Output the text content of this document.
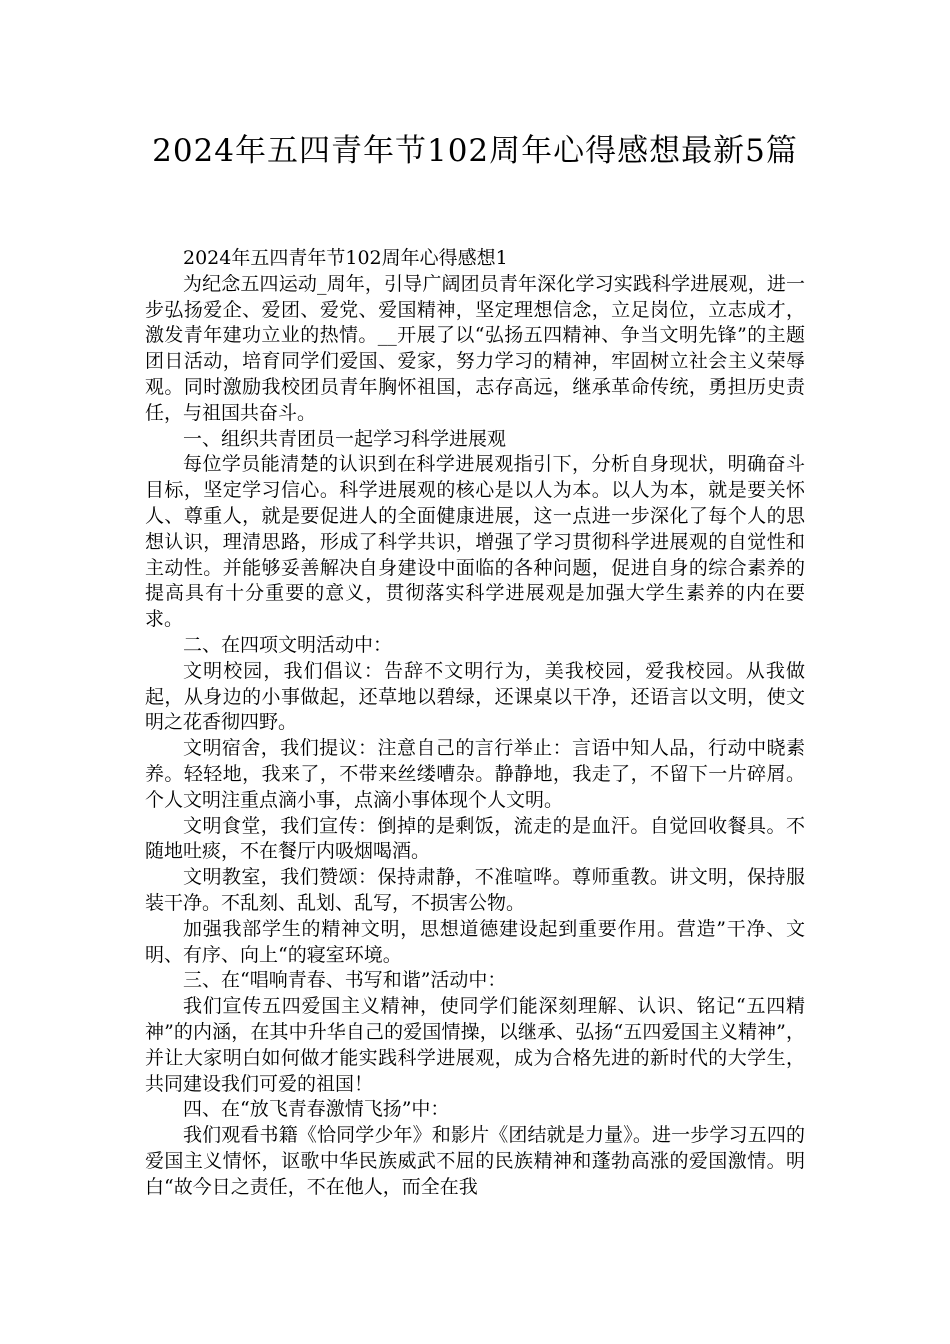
2024年五四青年节102周年心得感想最新5篇

2024年五四青年节102周年心得感想1

为纪念五四运动_周年，引导广阔团员青年深化学习实践科学进展观，进一步弘扬爱企、爱团、爱党、爱国精神，坚定理想信念，立足岗位，立志成才，激发青年建功立业的热情。__开展了以“弘扬五四精神、争当文明先锋”的主题团日活动，培育同学们爱国、爱家，努力学习的精神，牢固树立社会主义荣辱观。同时激励我校团员青年胸怀祖国，志存高远，继承革命传统，勇担历史责任，与祖国共奋斗。

一、组织共青团员一起学习科学进展观

每位学员能清楚的认识到在科学进展观指引下，分析自身现状，明确奋斗目标，坚定学习信心。科学进展观的核心是以人为本。以人为本，就是要关怀人、尊重人，就是要促进人的全面健康进展，这一点进一步深化了每个人的思想认识，理清思路，形成了科学共识，增强了学习贯彻科学进展观的自觉性和主动性。并能够妥善解决自身建设中面临的各种问题，促进自身的综合素养的提高具有十分重要的意义，贯彻落实科学进展观是加强大学生素养的内在要求。

二、在四项文明活动中：

文明校园，我们倡议：告辞不文明行为，美我校园，爱我校园。从我做起，从身边的小事做起，还草地以碧绿，还课桌以干净，还语言以文明，使文明之花香彻四野。

文明宿舍，我们提议：注意自己的言行举止：言语中知人品，行动中晓素养。轻轻地，我来了，不带来丝缕嘈杂。静静地，我走了，不留下一片碎屑。个人文明注重点滴小事，点滴小事体现个人文明。

文明食堂，我们宣传：倒掉的是剩饭，流走的是血汗。自觉回收餐具。不随地吐痰，不在餐厅内吸烟喝酒。

文明教室，我们赞颂：保持肃静，不准喧哗。尊师重教。讲文明，保持服装干净。不乱刻、乱划、乱写，不损害公物。

加强我部学生的精神文明，思想道德建设起到重要作用。营造”干净、文明、有序、向上“的寝室环境。

三、在“唱响青春、书写和谐”活动中：

我们宣传五四爱国主义精神，使同学们能深刻理解、认识、铭记“五四精神”的内涵，在其中升华自己的爱国情操，以继承、弘扬“五四爱国主义精神”，并让大家明白如何做才能实践科学进展观，成为合格先进的新时代的大学生，共同建设我们可爱的祖国！

四、在“放飞青春激情飞扬”中：

我们观看书籍《恰同学少年》和影片《团结就是力量》。进一步学习五四的爱国主义情怀，讴歌中华民族威武不屈的民族精神和蓬勃高涨的爱国激情。明白“故今日之责任，不在他人，而全在我
